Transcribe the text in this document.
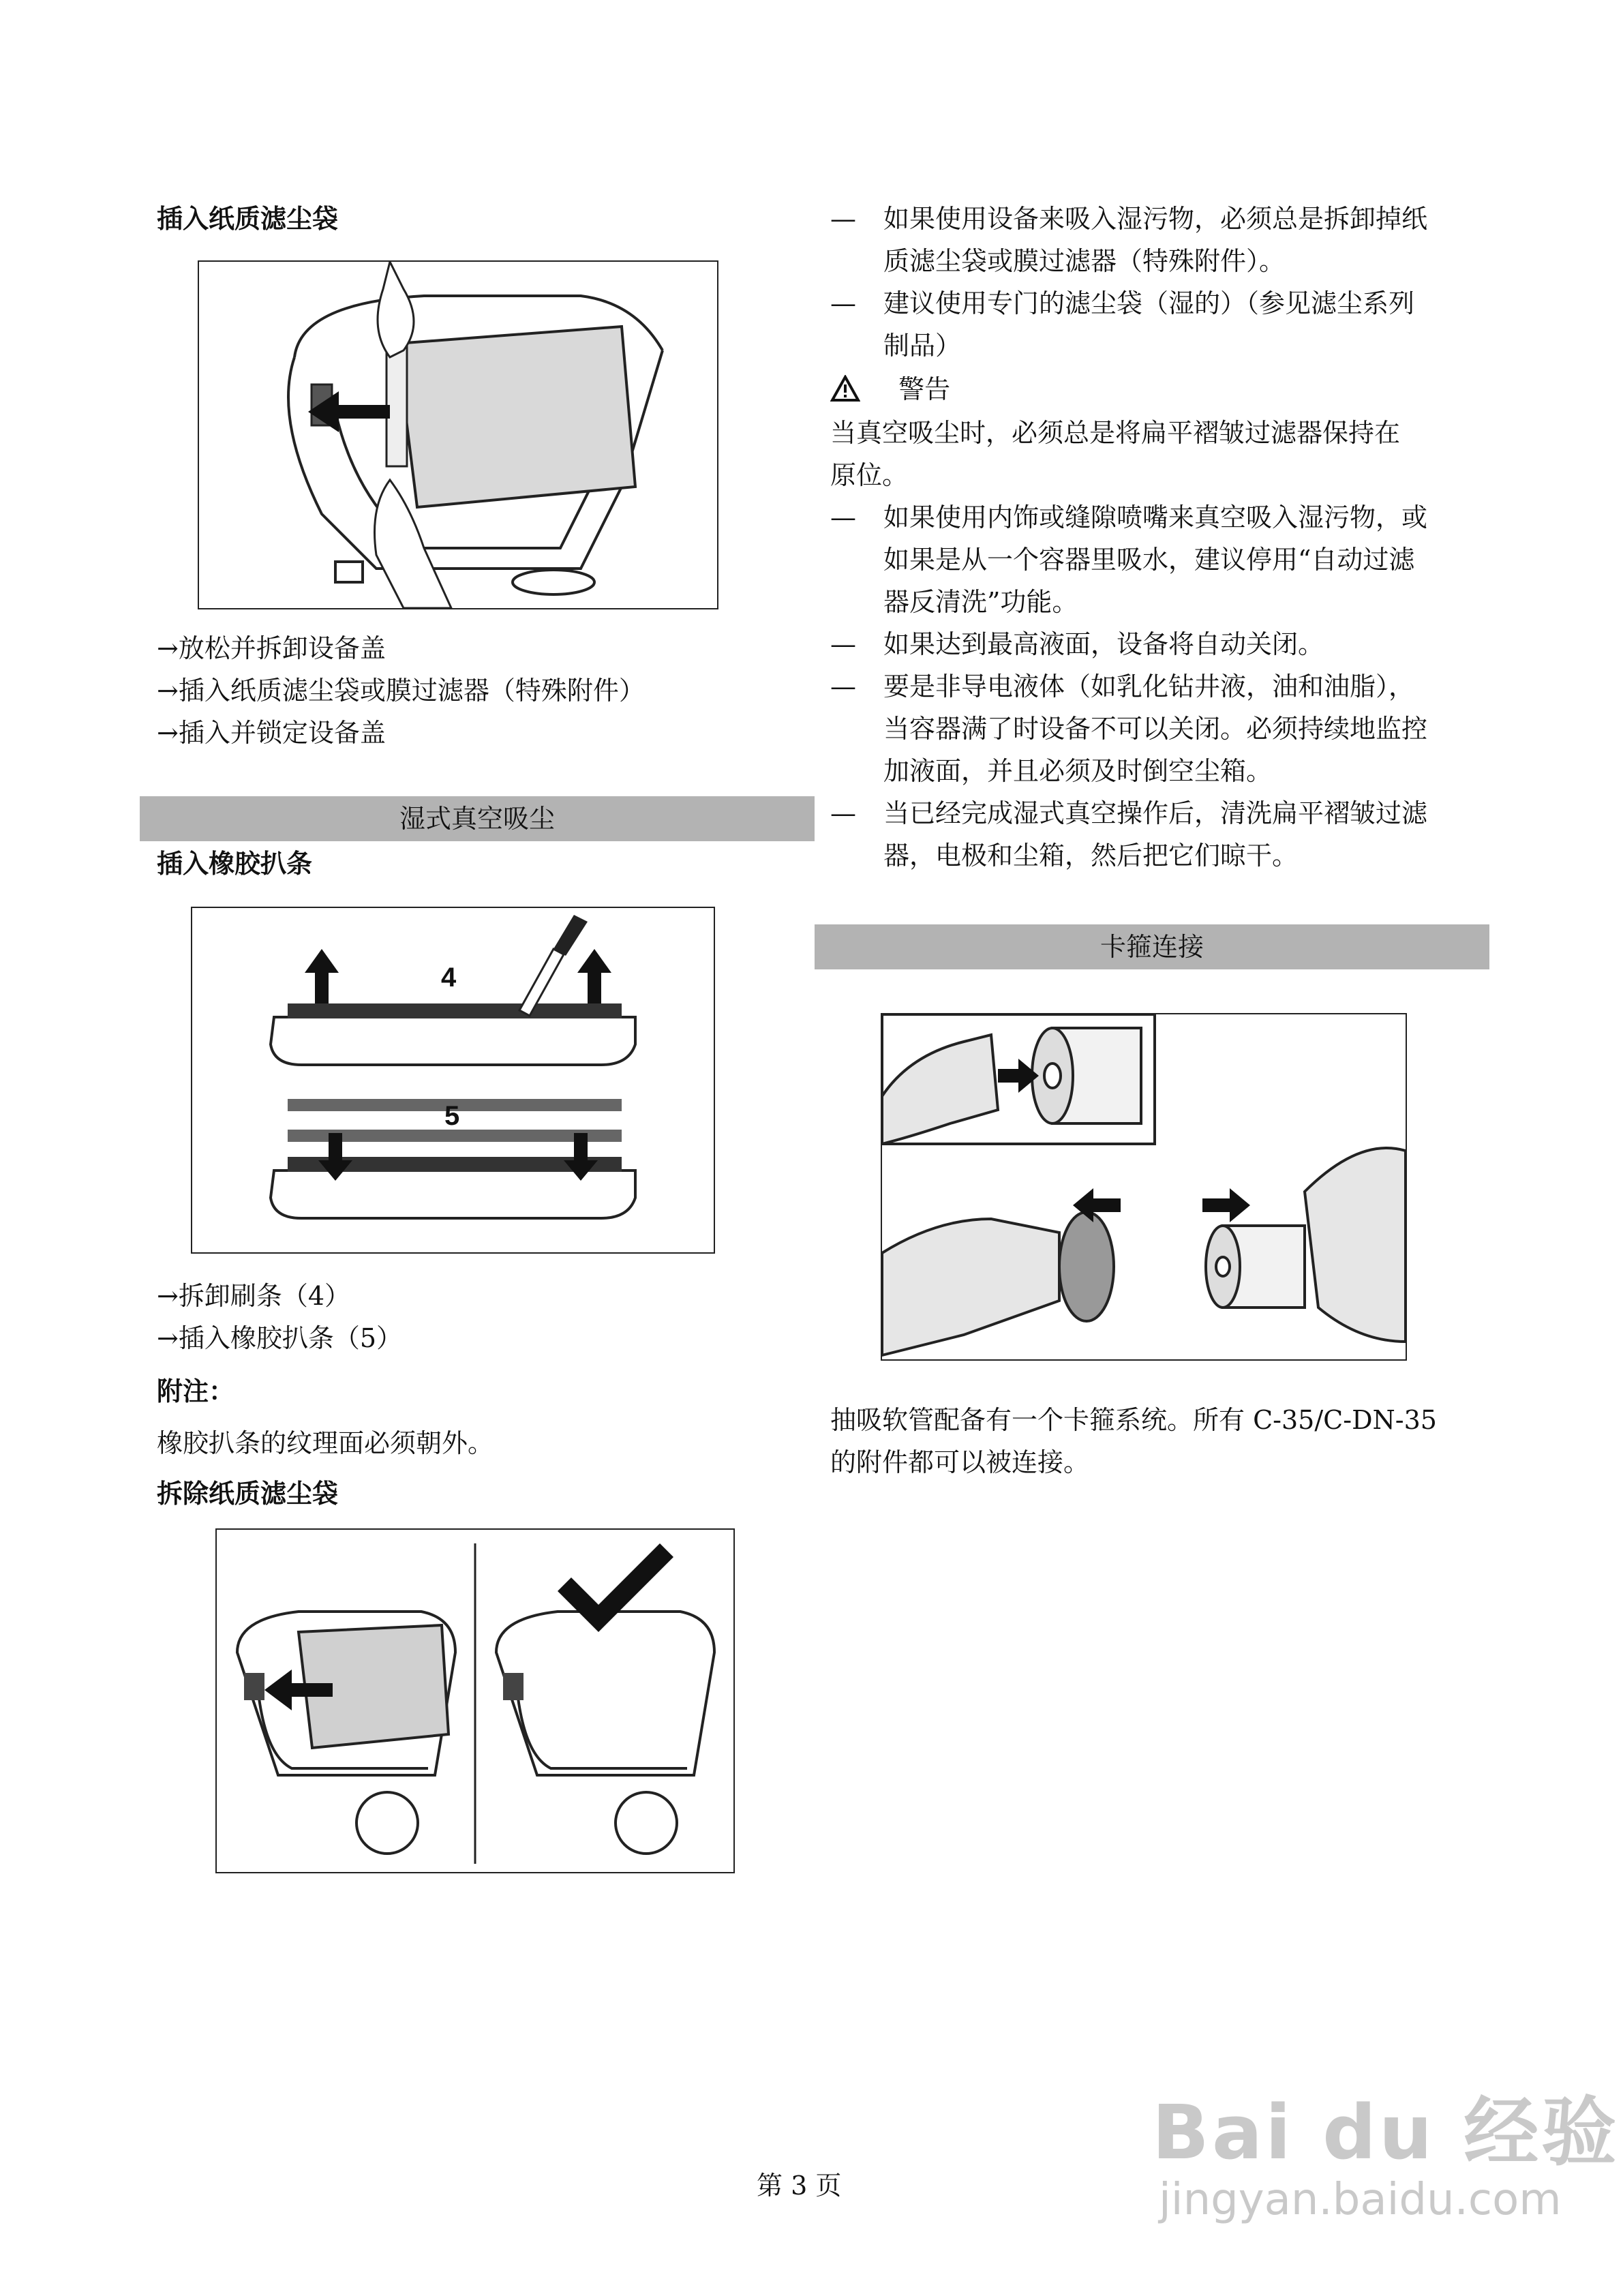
插入纸质滤尘袋
→放松并拆卸设备盖
→插入纸质滤尘袋或膜过滤器（特殊附件）
→插入并锁定设备盖
湿式真空吸尘
插入橡胶扒条
4
5
→拆卸刷条（4）
→插入橡胶扒条（5）
附注：
橡胶扒条的纹理面必须朝外。
拆除纸质滤尘袋
— 如果使用设备来吸入湿污物，必须总是拆卸掉纸
质滤尘袋或膜过滤器（特殊附件）。
— 建议使用专门的滤尘袋（湿的）（参见滤尘系列
制品）
警告
当真空吸尘时，必须总是将扁平褶皱过滤器保持在
原位。
— 如果使用内饰或缝隙喷嘴来真空吸入湿污物，或
如果是从一个容器里吸水，建议停用“自动过滤
器反清洗”功能。
— 如果达到最高液面，设备将自动关闭。
— 要是非导电液体（如乳化钻井液，油和油脂），
当容器满了时设备不可以关闭。必须持续地监控
加液面，并且必须及时倒空尘箱。
— 当已经完成湿式真空操作后，清洗扁平褶皱过滤
器，电极和尘箱，然后把它们晾干。
卡箍连接
抽吸软管配备有一个卡箍系统。所有 C-35/C-DN-35
的附件都可以被连接。
第 3 页
Bai du 经验
jingyan.baidu.com
